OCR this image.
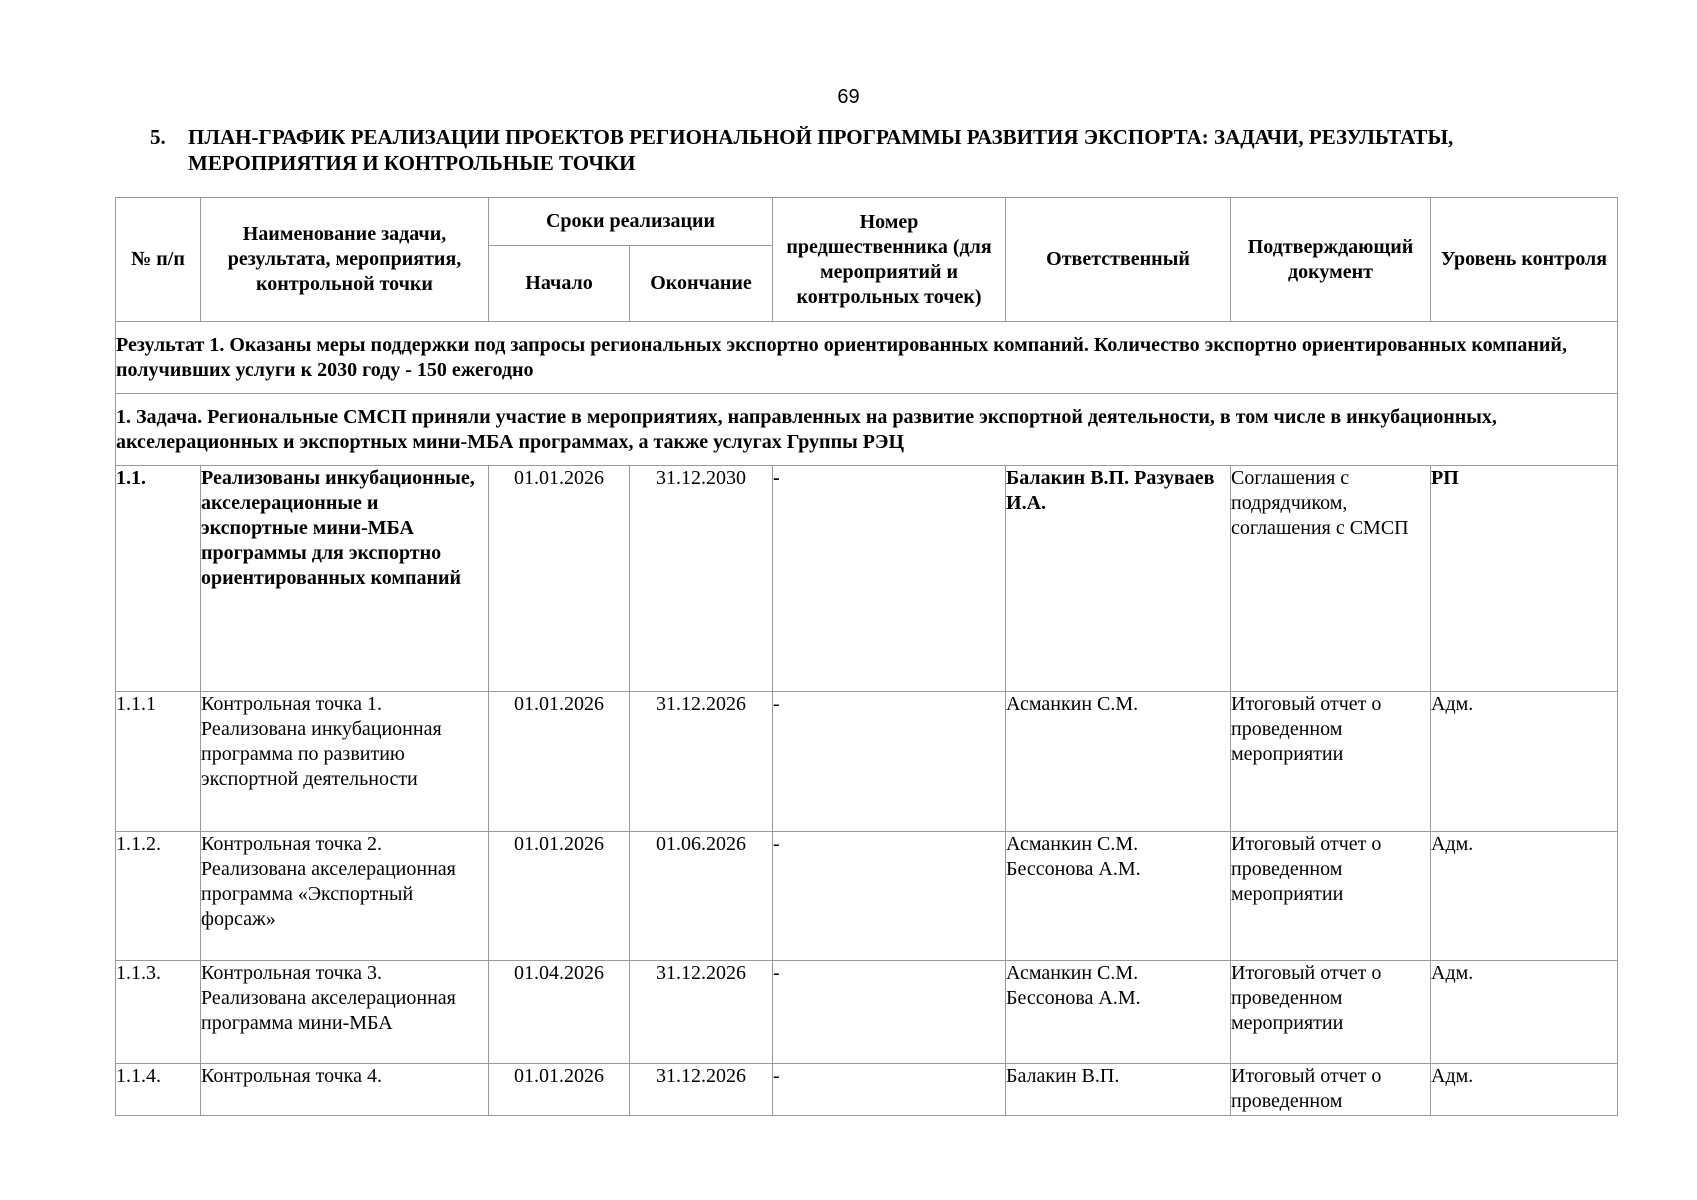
69
5.	ПЛАН-ГРАФИК РЕАЛИЗАЦИИ ПРОЕКТОВ РЕГИОНАЛЬНОЙ ПРОГРАММЫ РАЗВИТИЯ ЭКСПОРТА: ЗАДАЧИ, РЕЗУЛЬТАТЫ, МЕРОПРИЯТИЯ И КОНТРОЛЬНЫЕ ТОЧКИ
№ п/п	Наименование задачи, результата, мероприятия, контрольной точки	Сроки реализации		Номер предшественника (для мероприятий и контрольных точек)	Ответственный	Подтверждающий документ	Уровень контроля
		Начало	Окончание				
Результат 1. Оказаны меры поддержки под запросы региональных экспортно ориентированных компаний. Количество экспортно ориентированных компаний, получивших услуги к 2030 году - 150 ежегодно							
1. Задача. Региональные СМСП приняли участие в мероприятиях, направленных на развитие экспортной деятельности, в том числе в инкубационных, акселерационных и экспортных мини-МБА программах, а также услугах Группы РЭЦ							
1.1.	Реализованы инкубационные, акселерационные и экспортные мини-МБА программы для экспортно ориентированных компаний	01.01.2026	31.12.2030	-	Балакин В.П. Разуваев И.А.	Соглашения с подрядчиком, соглашения с СМСП	РП
1.1.1	Контрольная точка 1. Реализована инкубационная программа по развитию экспортной деятельности	01.01.2026	31.12.2026	-	Асманкин С.М.	Итоговый отчет о проведенном мероприятии	Адм.
1.1.2.	Контрольная точка 2. Реализована акселерационная программа «Экспортный форсаж»	01.01.2026	01.06.2026	-	Асманкин С.М. Бессонова А.М.	Итоговый отчет о проведенном мероприятии	Адм.
1.1.3.	Контрольная точка 3. Реализована акселерационная программа мини-МБА	01.04.2026	31.12.2026	-	Асманкин С.М. Бессонова А.М.	Итоговый отчет о проведенном мероприятии	Адм.
1.1.4.	Контрольная точка 4.	01.01.2026	31.12.2026	-	Балакин В.П.	Итоговый отчет о проведенном	Адм.
